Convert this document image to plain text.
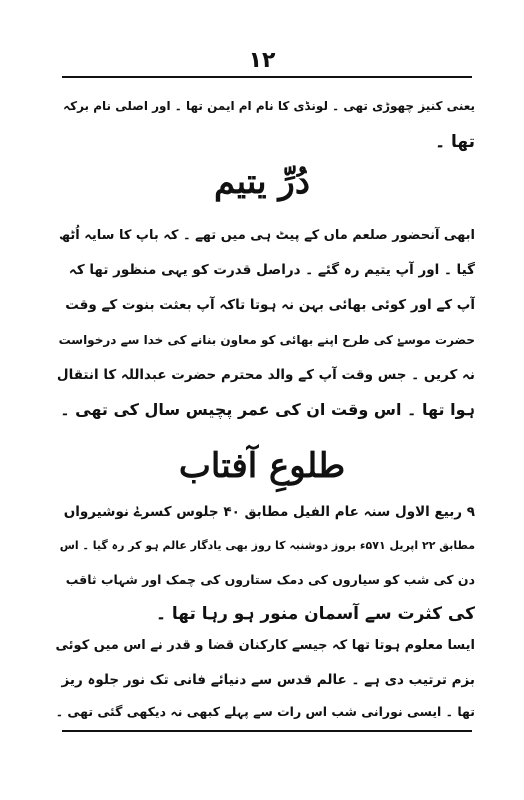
١٢
یعنی کنیز چھوڑی تھی ۔ لونڈی کا نام ام ایمن تھا ۔ اور اصلی نام برکہ
تھا ۔
دُرِّ یتیم
ابھی آنحضور صلعم ماں کے پیٹ ہی میں تھے ۔ کہ باپ کا سایہ اُٹھ
گیا ۔ اور آپ یتیم رہ گئے ۔ دراصل قدرت کو یہی منظور تھا کہ
آپ کے اور کوئی بھائی بہن نہ ہوتا تاکہ آپ بعثت بنوت کے وقت
حضرت موسےٰ کی طرح اپنے بھائی کو معاون بنانے کی خدا سے درخواست
نہ کریں ۔ جس وقت آپ کے والد محترم حضرت عبداللہ کا انتقال
ہوا تھا ۔ اس وقت ان کی عمر پچیس سال کی تھی ۔
طلوعِ آفتاب
۹ ربیع الاول سنہ عام الفیل مطابق ۴۰ جلوس کسرےٰ نوشیرواں
مطابق ۲۲ اپریل ۵۷۱ء بروز دوشنبہ کا روز بھی یادگار عالم ہو کر رہ گیا ۔ اس
دن کی شب کو سیاروں کی دمک ستاروں کی چمک اور شہاب ثاقب
کی کثرت سے آسمان منور ہو رہا تھا ۔
ایسا معلوم ہوتا تھا کہ جیسے کارکنان قضا و قدر نے اس میں کوئی
بزم ترتیب دی ہے ۔ عالم قدس سے دنیائے فانی تک نور جلوہ ریز
تھا ۔ ایسی نورانی شب اس رات سے پہلے کبھی نہ دیکھی گئی تھی ۔
